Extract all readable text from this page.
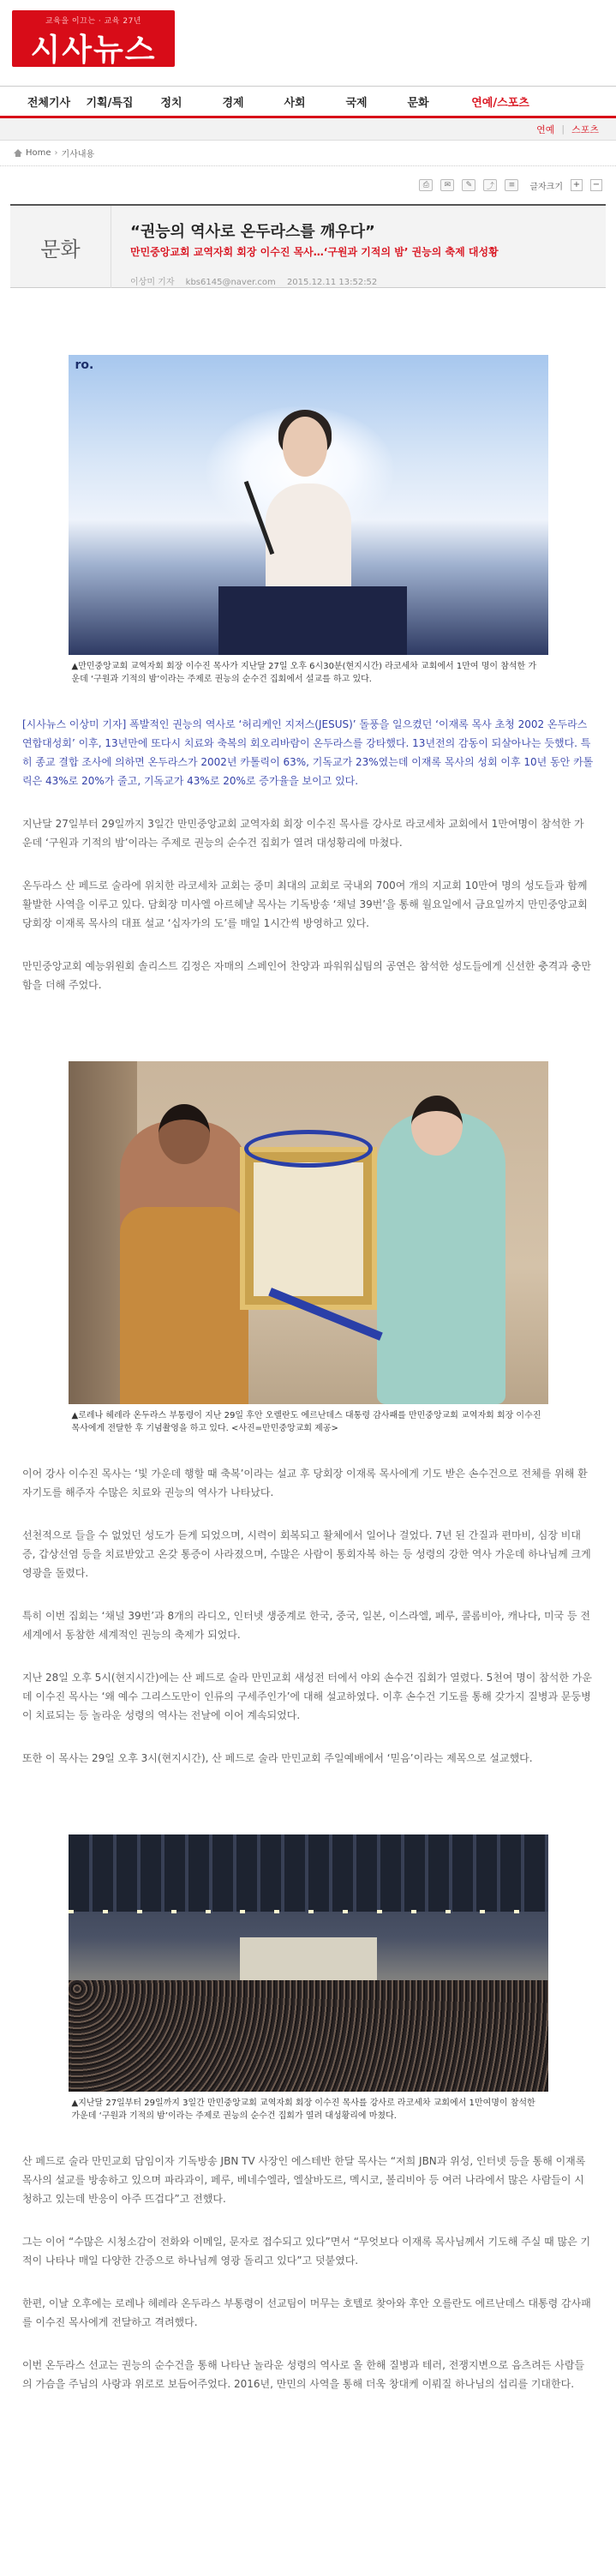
교육을 이끄는 · 교육 27년
시사뉴스
전체기사	기획/특집	정치	경제	사회	국제	문화	연예/스포츠
연예 | 스포츠
Home › 기사내용
⎙	✉	✎	⤴	≡	글자크기 + −
문화
“권능의 역사로 온두라스를 깨우다”
만민중앙교회 교역자회 회장 이수진 목사…‘구원과 기적의 밤’ 권능의 축제 대성황
이상미 기자 kbs6145@naver.com 2015.12.11 13:52:52
ro.
▲만민중앙교회 교역자회 회장 이수진 목사가 지난달 27일 오후 6시30분(현지시간) 라코세차 교회에서 1만여 명이 참석한 가운데 ‘구원과 기적의 밤’이라는 주제로 권능의 순수건 집회에서 설교를 하고 있다.

[시사뉴스 이상미 기자] 폭발적인 권능의 역사로 ‘허리케인 지저스(JESUS)’ 돌풍을 일으켰던 ‘이재록 목사 초청 2002 온두라스 연합대성회’ 이후, 13년만에 또다시 치료와 축복의 회오리바람이 온두라스를 강타했다. 13년전의 감동이 되살아나는 듯했다. 특히 종교 결합 조사에 의하면 온두라스가 2002년 카톨릭이 63%, 기독교가 23%였는데 이재록 목사의 성회 이후 10년 동안 카톨릭은 43%로 20%가 줄고, 기독교가 43%로 20%로 증가율을 보이고 있다.

지난달 27일부터 29일까지 3일간 만민중앙교회 교역자회 회장 이수진 목사를 강사로 라코세차 교회에서 1만여명이 참석한 가운데 ‘구원과 기적의 밤’이라는 주제로 권능의 순수건 집회가 열려 대성황리에 마쳤다.

온두라스 산 페드로 술라에 위치한 라코세차 교회는 중미 최대의 교회로 국내외 700여 개의 지교회 10만여 명의 성도들과 함께 활발한 사역을 이루고 있다. 담회장 미사엘 아르헤냘 목사는 기독방송 ‘채널 39번’을 통해 월요일에서 금요일까지 만민중앙교회 당회장 이재록 목사의 대표 설교 ‘십자가의 도’를 매일 1시간씩 방영하고 있다.

만민중앙교회 예능위원회 솔리스트 김정은 자매의 스페인어 찬양과 파워워십팀의 공연은 참석한 성도들에게 신선한 충격과 충만함을 더해 주었다.

▲로레나 헤레라 온두라스 부통령이 지난 29일 후안 오렐란도 에르난데스 대통령 감사패를 만민중앙교회 교역자회 회장 이수진 목사에게 전달한 후 기념촬영을 하고 있다. <사진=만민중앙교회 제공>

이어 강사 이수진 목사는 ‘빛 가운데 행할 때 축복’이라는 설교 후 당회장 이재록 목사에게 기도 받은 손수건으로 전체를 위해 환자기도를 해주자 수많은 치료와 권능의 역사가 나타났다.

선천적으로 들을 수 없었던 성도가 듣게 되었으며, 시력이 회복되고 활체에서 일어나 걸었다. 7년 된 간질과 편마비, 심장 비대증, 갑상선염 등을 치료받았고 온갖 통증이 사라졌으며, 수많은 사람이 통회자복 하는 등 성령의 강한 역사 가운데 하나님께 크게 영광을 돌렸다.

특히 이번 집회는 ‘채널 39번’과 8개의 라디오, 인터넷 생중계로 한국, 중국, 일본, 이스라엘, 페루, 콜롬비아, 캐나다, 미국 등 전 세계에서 동참한 세계적인 권능의 축제가 되었다.

지난 28일 오후 5시(현지시간)에는 산 페드로 술라 만민교회 새성전 터에서 야외 손수건 집회가 열렸다. 5천여 명이 참석한 가운데 이수진 목사는 ‘왜 예수 그리스도만이 인류의 구세주인가’에 대해 설교하였다. 이후 손수건 기도를 통해 갖가지 질병과 문둥병이 치료되는 등 놀라운 성령의 역사는 전날에 이어 계속되었다.

또한 이 목사는 29일 오후 3시(현지시간), 산 페드로 술라 만민교회 주일예배에서 ‘믿음’이라는 제목으로 설교했다.

▲지난달 27일부터 29일까지 3일간 만민중앙교회 교역자회 회장 이수진 목사를 강사로 라코세차 교회에서 1만여명이 참석한 가운데 ‘구원과 기적의 밤’이라는 주제로 권능의 순수건 집회가 열려 대성황리에 마쳤다.

산 페드로 술라 만민교회 담임이자 기독방송 JBN TV 사장인 에스테반 한달 목사는 “저희 JBN과 위성, 인터넷 등을 통해 이재록 목사의 설교를 방송하고 있으며 파라과이, 페루, 베네수엘라, 엘살바도르, 멕시코, 볼리비아 등 여러 나라에서 많은 사람들이 시청하고 있는데 반응이 아주 뜨겁다”고 전했다.

그는 이어 “수많은 시청소감이 전화와 이메일, 문자로 접수되고 있다”면서 “무엇보다 이재록 목사님께서 기도해 주실 때 많은 기적이 나타나 매일 다양한 간증으로 하나님께 영광 돌리고 있다”고 덧붙였다.

한편, 이날 오후에는 로레나 헤레라 온두라스 부통령이 선교팀이 머무는 호텔로 찾아와 후안 오를란도 에르난데스 대통령 감사패를 이수진 목사에게 전달하고 격려했다.

이번 온두라스 선교는 권능의 순수건을 통해 나타난 놀라운 성령의 역사로 올 한해 질병과 테러, 전쟁지변으로 음츠려든 사람들의 가슴을 주님의 사랑과 위로로 보듬어주었다. 2016년, 만민의 사역을 통해 더욱 창대케 이뤄질 하나님의 섭리를 기대한다.
